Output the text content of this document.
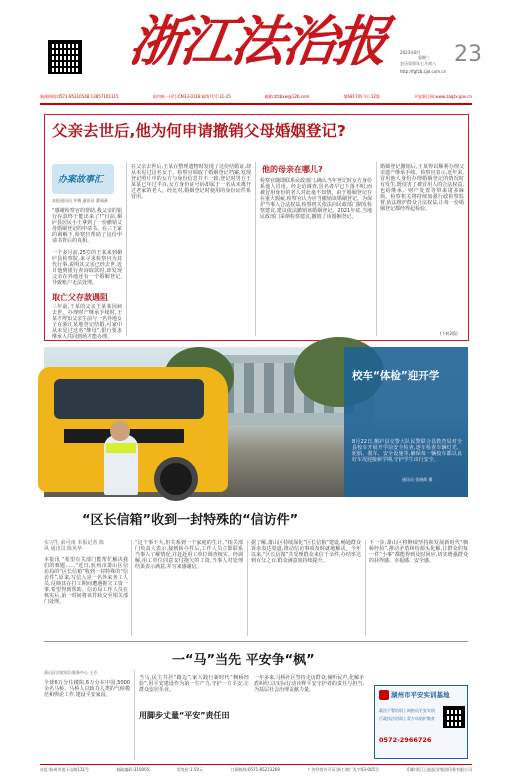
浙江法治报	2023年8月
星期三
农历癸卯年七月初八
http://fgfzb.zjol.com.cn
23
新闻热线:0571-85310548 13857101115	国内统一刊号:CN33-0118 邮发代号:31-25	邮箱:zfzbxw@126.com	第6817期 今日12版	平安浙江网:www.zaqzx.gov.cn
父亲去世后,他为何申请撤销父母婚姻登记?
办案故事汇
本报通讯员 许梅 通讯员 董丽燕
“感谢检察官的帮助,我父亲的银行存款终于能出来了!”日前,桐庐县居民小王拿到了一份撤销父母婚姻登记的申请书。在三王家的调解下,检察官帮助了这份申请书背后的真相。
一个多月前,25岁的王某来到桐庐县检察院,来寻求检察官为其代行事,说明其父亲已经去世,近日他到银行查询取款时,却发现父亲在外地还有一个婚姻登记,导致账户无法处理。
取亡父存款遇阻
三年前,王某的父亲王某某因病去世。办理财产继承手续时,王某才得知父亲生前与一名外地女子在浙江某地登记结婚,可家中从未见过这名“继母”,银行要求继承人共同到场才能办理。
在父亲去世后,王某在整理遗物时发现了这份结婚证,却从未见过这名女子。检察官调取了婚姻登记档案,发现登记照片中的女方与身份信息并不一致,登记时男方王某某已年过半百,女方身份证号码却属于一名从未离开过老家的老人。经比对,婚姻登记时使用的身份证件系冒用。
他的母亲在哪儿?
检察官随即联系民政部门,确认当年登记时女方身份系他人冒用。经走访调查,冒名者早已下落不明,而被冒用身份的老人对此毫不知情。由于婚姻登记存在重大瑕疵,检察官认为应当撤销该婚姻登记。为保护当事人合法权益,检察机关依法向民政部门制发检察建议,建议依法撤销该婚姻登记。2021年底,当地民政部门采纳检察建议,撤销了该婚姻登记。
婚姻登记撤销后,王某得以顺利办理父亲遗产继承手续。检察官表示,近年来,冒用他人身份办理婚姻登记的情况时有发生,既侵害了被冒用人的合法权益,也给继承、财产处置等带来诸多麻烦。检察机关将持续加强行政检察监督,依法维护群众合法权益,让每一份婚姻登记都经得起检验。
(下转2版)
校车“体检”迎开学
8月22日,桐庐县交警大队民警联合县教育局对全县校车开展开学前安全检查,逐车检查车辆灯光、轮胎、刹车、安全设施等,确保每一辆校车都以良好车况迎接新学期,守护学生出行安全。
通讯员 张晓辉 摄
“区长信箱”收到一封特殊的“信访件”
实习生 俞可南 本报记者 陈风 通讯员 陈英华
本报讯 “希望有关部门能帮忙解决我们的难题……”近日,杭州市萧山区信访局的“区长信箱”收到一封特殊的“信访件”,原来,写信人是一名外来务工人员,反映其在打工期间遭遇拖欠工资一事,希望得到帮助。信访局工作人员在核实后,第一时间将该件转交至相关部门处理。
“这个事不大,但关系到一个家庭的生计。”相关部门负责人表示,接到转办件后,工作人员立即联系当事人了解情况,并赶赴用工单位调查核实。经调解,用工单位同意支付拖欠的工资,当事人对处理结果表示满意,并写来感谢信。
据了解,萧山区持续深化“区长信箱”建设,畅通群众诉求表达渠道,推动信访事项及时就地解决。今年以来,“区长信箱”共受理群众来信千余件,办结率达到百分之百,群众满意度持续提升。
下一步,萧山区将继续坚持和发展新时代“枫桥经验”,推动矛盾纠纷源头化解,让群众的每一件“小事”都能得到及时回应,切实增强群众的获得感、幸福感、安全感。
一“马”当先 平安争“枫”
萧山区法院诉讼服务中心 王芳
全球6万分住楼陷,6万分在中国,5000余名马桥、马桥人以致力人类的气候模范和舆论工作,建设平安家园。
当马,民主共居“路边”,家人践行新时代“枫桥经验”,用平安建设作为第一生产力,守护一方平安,让群众安居乐业。
用脚步丈量“平安”责任田
一年多来,马桥社区坚持走访群众,倾听民声,化解矛盾纠纷,以实际行动诠释平安守护者的责任与担当,为基层社会治理贡献力量。
湖州市平安实训基地
政法干警培训 | 网格员平安实训
行政执法培训 | 青少年防护教育
0572-2966726
社址:杭州市莫干山路111号	邮政编码:310005	零售价:1.50元	订阅热线:0571-85213269	广告经营许可证:浙工商广发字03-005号	印刷:浙江日报报业集团印务有限公司
